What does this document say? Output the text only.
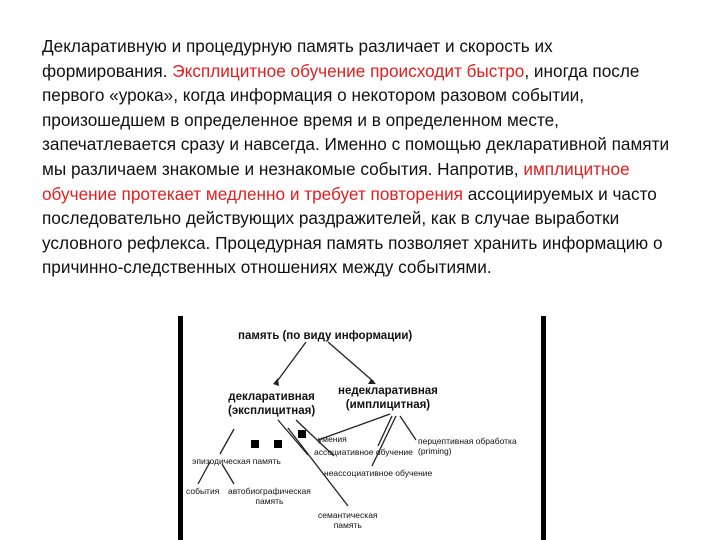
Декларативную и процедурную память различает и скорость их формирования. Эксплицитное обучение происходит быстро, иногда после первого «урока», когда информация о некотором разовом событии, произошедшем в определенное время и в определенном месте, запечатлевается сразу и навсегда. Именно с помощью декларативной памяти мы различаем знакомые и незнакомые события. Напротив, имплицитное обучение протекает медленно и требует повторения ассоциируемых и часто последовательно действующих раздражителей, как в случае выработки условного рефлекса. Процедурная память позволяет хранить информацию о причинно-следственных отношениях между событиями.

память (по виду информации)
декларативная
(эксплицитная)
недекларативная
(имплицитная)
эпизодическая память
умения
ассоциативное обучение
неассоциативное обучение
перцептивная обработка
(priming)
события автобиографическая
память
семантическая
память
